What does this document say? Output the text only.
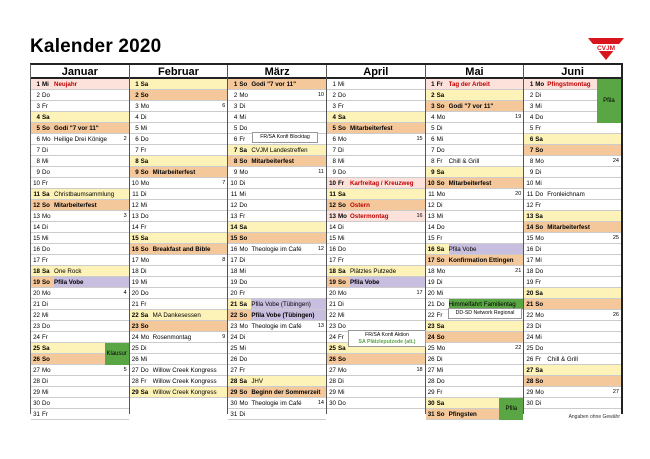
Kalender 2020	CVJM
Januar
1 Mi Neujahr
2 Do
3 Fr
4 Sa
5 So Godi "7 vor 11"
6 Mo Heilige Drei Könige	2
7 Di
8 Mi
9 Do
10 Fr
11 Sa Christbaumsammlung
12 So Mitarbeiterfest
13 Mo	3
14 Di
15 Mi
16 Do
17 Fr
18 Sa One Rock
19 So Pfila Vobe
20 Mo	4
21 Di
22 Mi
23 Do
24 Fr
25 Sa
26 So
27 Mo	5
28 Di
29 Mi
30 Do
31 Fr
Klausur
Februar
1 Sa
2 So
3 Mo	6
4 Di
5 Mi
6 Do
7 Fr
8 Sa
9 So Mitarbeiterfest
10 Mo	7
11 Di
12 Mi
13 Do
14 Fr
15 Sa
16 So Breakfast and Bible
17 Mo	8
18 Di
19 Mi
20 Do
21 Fr
22 Sa MA Dankesessen
23 So
24 Mo Rosenmontag	9
25 Di
26 Mi
27 Do Willow Creek Kongress
28 Fr Willow Creek Kongress
29 Sa Willow Creek Kongress
März
1 So Godi "7 vor 11"
2 Mo	10
3 Di
4 Mi
5 Do
6 Fr
7 Sa CVJM Landestreffen
8 So Mitarbeiterfest
9 Mo	11
10 Di
11 Mi
12 Do
13 Fr
14 Sa
15 So
16 Mo Theologie im Café	12
17 Di
18 Mi
19 Do
20 Fr
21 Sa Pfila Vobe (Tübingen)
22 So Pfila Vobe (Tübingen)
23 Mo Theologie im Café	13
24 Di
25 Mi
26 Do
27 Fr
28 Sa JHV
29 So Beginn der Sommerzeit
30 Mo Theologie im Café	14
31 Di
April
1 Mi
2 Do
3 Fr
4 Sa
5 So Mitarbeiterfest
6 Mo	15
7 Di
8 Mi
9 Do
10 Fr Karfreitag / Kreuzweg
11 Sa
12 So Ostern
13 Mo Ostermontag	16
14 Di
15 Mi
16 Do
17 Fr
18 Sa Plätzles Putzede
19 So Pfila Vobe
20 Mo	17
21 Di
22 Mi
23 Do
24 Fr
25 Sa
26 So
27 Mo	18
28 Di
29 Mi
30 Do
Mai
1 Fr Tag der Arbeit
2 Sa
3 So Godi "7 vor 11"
4 Mo	19
5 Di
6 Mi
7 Do
8 Fr Chill & Grill
9 Sa
10 So Mitarbeiterfest
11 Mo	20
12 Di
13 Mi
14 Do
15 Fr
16 Sa Pfila Vobe
17 So Konfirmation Ettingen
18 Mo	21
19 Di
20 Mi
21 Do Himmelfahrt Familientag
22 Fr
23 Sa
24 So
25 Mo	22
26 Di
27 Mi
28 Do
29 Fr
30 Sa
31 So Pfingsten
Pfila
Juni
1 Mo Pfingstmontag
2 Di
3 Mi
4 Do
5 Fr
6 Sa
7 So
8 Mo	24
9 Di
10 Mi
11 Do Fronleichnam
12 Fr
13 Sa
14 So Mitarbeiterfest
15 Mo	25
16 Di
17 Mi
18 Do
19 Fr
20 Sa
21 So
22 Mo	26
23 Di
24 Mi
25 Do
26 Fr Chill & Grill
27 Sa
28 So
29 Mo	27
30 Di
Pfila
Angaben ohne Gewähr
FR/SA Konfi Blocktag
DD-SD Network Regional
FR/SA Konfi Aktion
SA Plätzleputzede (alt.)
